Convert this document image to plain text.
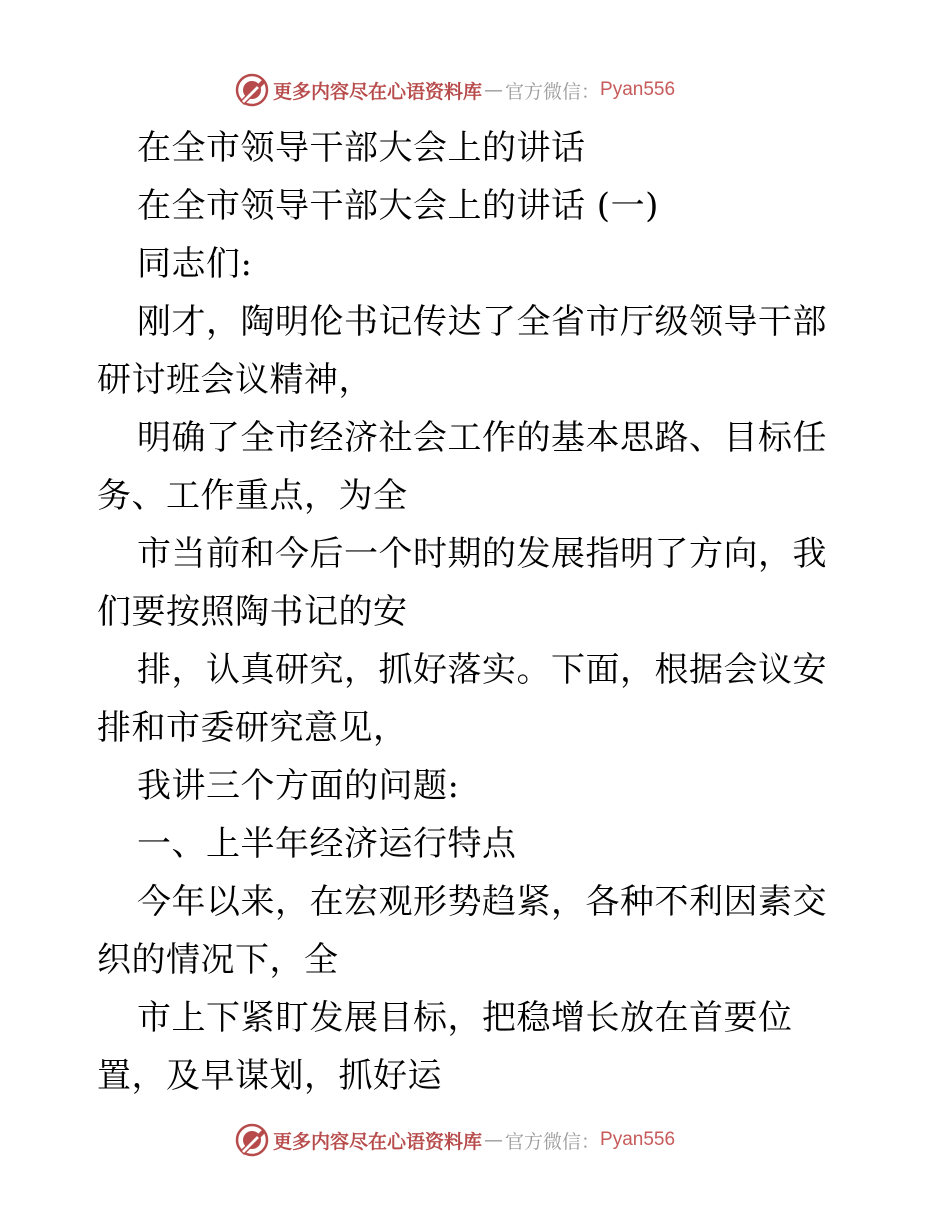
更多内容尽在心语资料库 — 官方微信： Pyan556

在全市领导干部大会上的讲话

在全市领导干部大会上的讲话 (一)

同志们:

刚才，陶明伦书记传达了全省市厅级领导干部研讨班会议精神，

明确了全市经济社会工作的基本思路、目标任务、工作重点，为全

市当前和今后一个时期的发展指明了方向，我们要按照陶书记的安

排，认真研究，抓好落实。下面，根据会议安排和市委研究意见，

我讲三个方面的问题:

一、上半年经济运行特点

今年以来，在宏观形势趋紧，各种不利因素交织的情况下，全

市上下紧盯发展目标，把稳增长放在首要位置，及早谋划，抓好运

更多内容尽在心语资料库 — 官方微信： Pyan556
